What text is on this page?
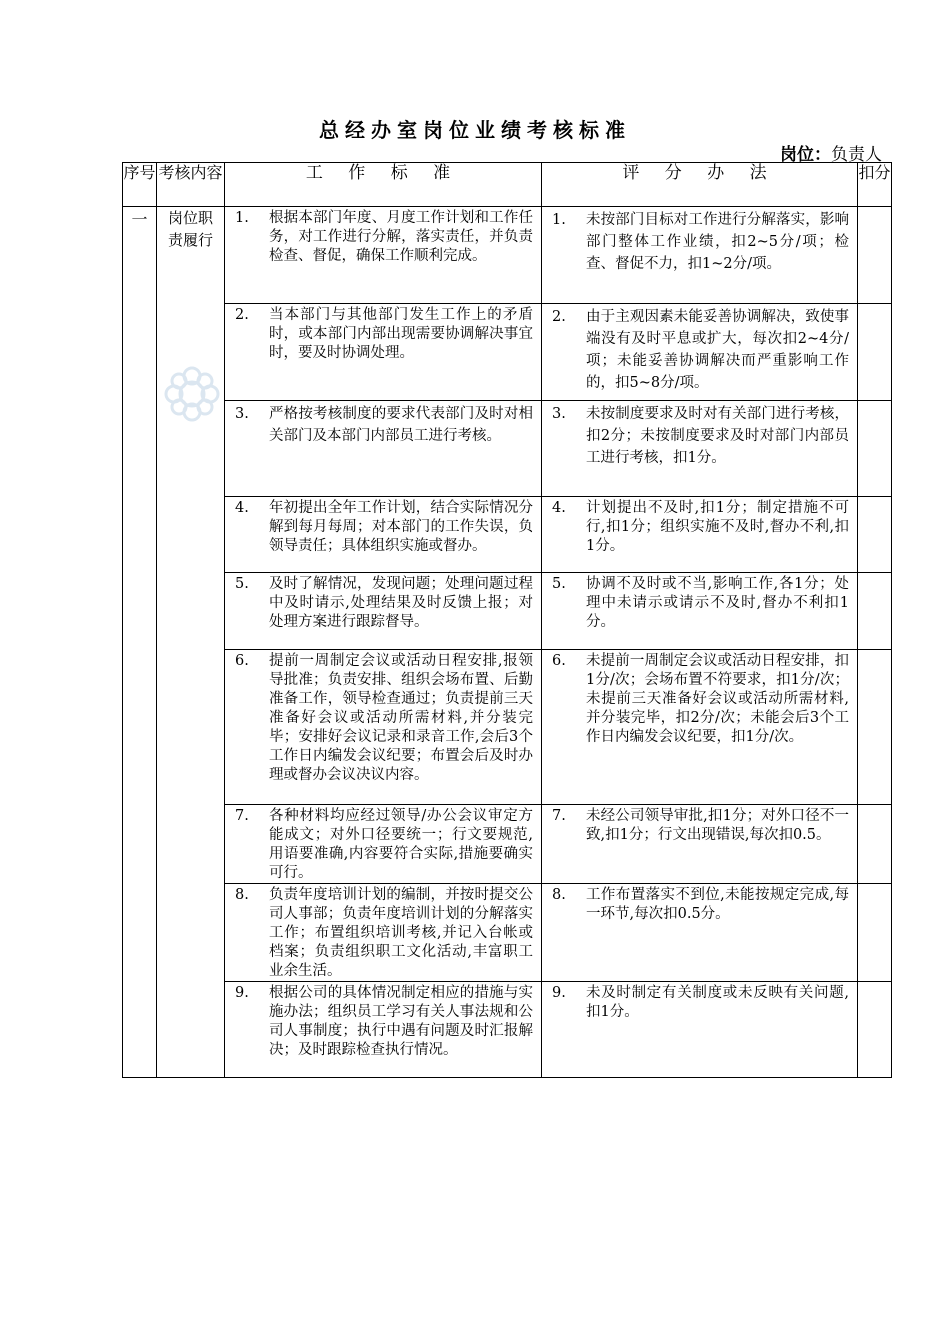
总经办室岗位业绩考核标准
岗位：负责人
序号	考核内容	工 作 标 准	评 分 办 法	扣分
一	岗位职责履行	1. 根据本部门年度、月度工作计划和工作任务，对工作进行分解，落实责任，并负责检查、督促，确保工作顺利完成。	1. 未按部门目标对工作进行分解落实，影响部门整体工作业绩，扣2~5分/项；检查、督促不力，扣1~2分/项。	

		2. 当本部门与其他部门发生工作上的矛盾时，或本部门内部出现需要协调解决事宜时，要及时协调处理。	2. 由于主观因素未能妥善协调解决，致使事端没有及时平息或扩大，每次扣2~4分/项；未能妥善协调解决而严重影响工作的，扣5~8分/项。	

		3. 严格按考核制度的要求代表部门及时对相关部门及本部门内部员工进行考核。	3. 未按制度要求及时对有关部门进行考核，扣2分；未按制度要求及时对部门内部员工进行考核，扣1分。	

		4. 年初提出全年工作计划，结合实际情况分解到每月每周；对本部门的工作失误，负领导责任；具体组织实施或督办。	4. 计划提出不及时,扣1分；制定措施不可行,扣1分；组织实施不及时,督办不利,扣1分。	

		5. 及时了解情况，发现问题；处理问题过程中及时请示,处理结果及时反馈上报；对处理方案进行跟踪督导。	5. 协调不及时或不当,影响工作,各1分；处理中未请示或请示不及时,督办不利扣1分。	

		6. 提前一周制定会议或活动日程安排,报领导批准；负责安排、组织会场布置、后勤准备工作，领导检查通过；负责提前三天准备好会议或活动所需材料,并分装完毕；安排好会议记录和录音工作,会后3个工作日内编发会议纪要；布置会后及时办理或督办会议决议内容。	6. 未提前一周制定会议或活动日程安排，扣1分/次；会场布置不符要求，扣1分/次；未提前三天准备好会议或活动所需材料,并分装完毕，扣2分/次；未能会后3个工作日内编发会议纪要，扣1分/次。	

		7. 各种材料均应经过领导/办公会议审定方能成文；对外口径要统一；行文要规范,用语要准确,内容要符合实际,措施要确实可行。	7. 未经公司领导审批,扣1分；对外口径不一致,扣1分；行文出现错误,每次扣0.5。	

		8. 负责年度培训计划的编制，并按时提交公司人事部；负责年度培训计划的分解落实工作；布置组织培训考核,并记入台帐或档案；负责组织职工文化活动,丰富职工业余生活。	8. 工作布置落实不到位,未能按规定完成,每一环节,每次扣0.5分。	

		9. 根据公司的具体情况制定相应的措施与实施办法；组织员工学习有关人事法规和公司人事制度；执行中遇有问题及时汇报解决；及时跟踪检查执行情况。	9. 未及时制定有关制度或未反映有关问题,扣1分。	
